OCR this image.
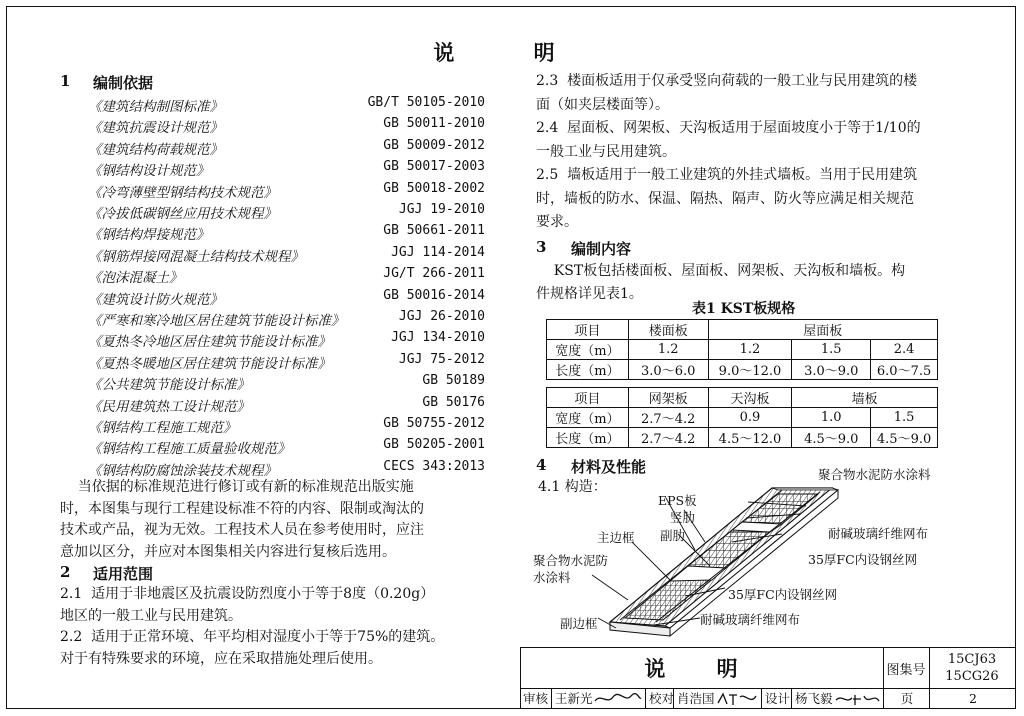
说 明
1 编制依据
《建筑结构制图标准》	GB/T 50105-2010
《建筑抗震设计规范》	GB 50011-2010
《建筑结构荷载规范》	GB 50009-2012
《钢结构设计规范》	GB 50017-2003
《冷弯薄壁型钢结构技术规范》	GB 50018-2002
《冷拔低碳钢丝应用技术规程》	JGJ 19-2010
《钢结构焊接规范》	GB 50661-2011
《钢筋焊接网混凝土结构技术规程》	JGJ 114-2014
《泡沫混凝土》	JG/T 266-2011
《建筑设计防火规范》	GB 50016-2014
《严寒和寒冷地区居住建筑节能设计标准》	JGJ 26-2010
《夏热冬冷地区居住建筑节能设计标准》	JGJ 134-2010
《夏热冬暖地区居住建筑节能设计标准》	JGJ 75-2012
《公共建筑节能设计标准》	GB 50189
《民用建筑热工设计规范》	GB 50176
《钢结构工程施工规范》	GB 50755-2012
《钢结构工程施工质量验收规范》	GB 50205-2001
《钢结构防腐蚀涂装技术规程》	CECS 343:2013
当依据的标准规范进行修订或有新的标准规范出版实施
时，本图集与现行工程建设标准不符的内容、限制或淘汰的
技术或产品，视为无效。工程技术人员在参考使用时，应注
意加以区分，并应对本图集相关内容进行复核后选用。
2 适用范围
2.1  适用于非地震区及抗震设防烈度小于等于8度（0.20g）
地区的一般工业与民用建筑。
2.2  适用于正常环境、年平均相对湿度小于等于75%的建筑。
对于有特殊要求的环境，应在采取措施处理后使用。
2.3  楼面板适用于仅承受竖向荷载的一般工业与民用建筑的楼
面（如夹层楼面等）。
2.4  屋面板、网架板、天沟板适用于屋面坡度小于等于1/10的
一般工业与民用建筑。
2.5  墙板适用于一般工业建筑的外挂式墙板。当用于民用建筑
时，墙板的防水、保温、隔热、隔声、防火等应满足相关规范
要求。
3 编制内容
KST板包括楼面板、屋面板、网架板、天沟板和墙板。构
件规格详见表1。
表1 KST板规格
项目	楼面板	屋面板		
宽度（m）	1.2	1.2	1.5	2.4
长度（m）	3.0～6.0	9.0～12.0	3.0～9.0	6.0～7.5
项目	网架板	天沟板	墙板	
宽度（m）	2.7～4.2	0.9	1.0	1.5
长度（m）	2.7～4.2	4.5～12.0	4.5～9.0	4.5～9.0
4 材料及性能
4.1 构造：
EPS板
竖肋
副肋
主边框
聚合物水泥防水涂料
耐碱玻璃纤维网布
35厚FC内设钢丝网
聚合物水泥防水涂料
35厚FC内设钢丝网
副边框	耐碱玻璃纤维网布
说 明	图集号
15CJ63
15CG26
审核 王新光	校对 肖浩国	设计 杨飞毅	页	2
